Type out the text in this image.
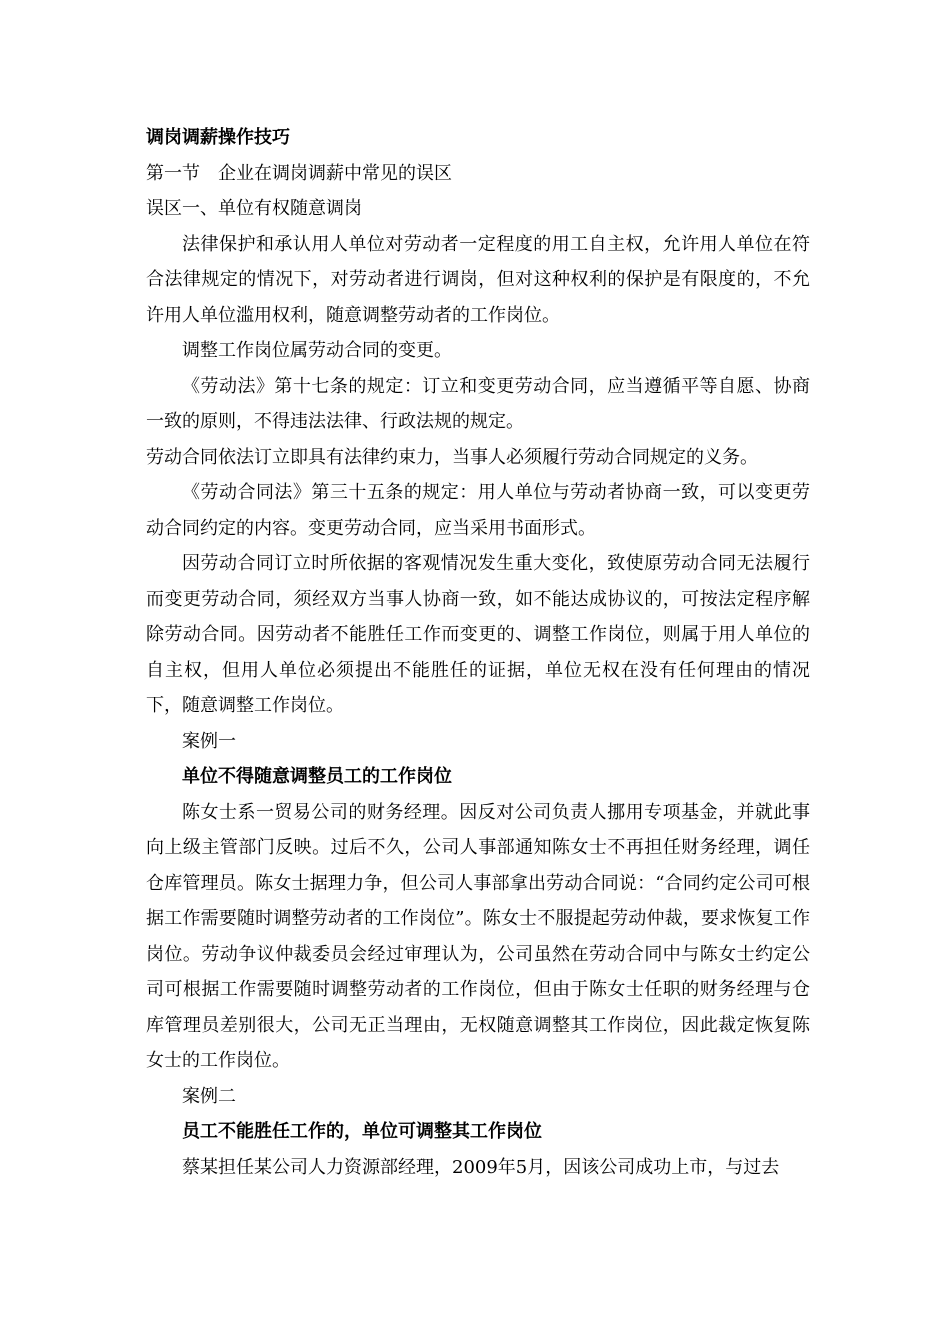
调岗调薪操作技巧

第一节　企业在调岗调薪中常见的误区

误区一、单位有权随意调岗

法律保护和承认用人单位对劳动者一定程度的用工自主权，允许用人单位在符合法律规定的情况下，对劳动者进行调岗，但对这种权利的保护是有限度的，不允许用人单位滥用权利，随意调整劳动者的工作岗位。

调整工作岗位属劳动合同的变更。

《劳动法》第十七条的规定：订立和变更劳动合同，应当遵循平等自愿、协商一致的原则，不得违法法律、行政法规的规定。

劳动合同依法订立即具有法律约束力，当事人必须履行劳动合同规定的义务。

《劳动合同法》第三十五条的规定：用人单位与劳动者协商一致，可以变更劳动合同约定的内容。变更劳动合同，应当采用书面形式。

因劳动合同订立时所依据的客观情况发生重大变化，致使原劳动合同无法履行而变更劳动合同，须经双方当事人协商一致，如不能达成协议的，可按法定程序解除劳动合同。因劳动者不能胜任工作而变更的、调整工作岗位，则属于用人单位的自主权，但用人单位必须提出不能胜任的证据，单位无权在没有任何理由的情况下，随意调整工作岗位。

案例一

单位不得随意调整员工的工作岗位

陈女士系一贸易公司的财务经理。因反对公司负责人挪用专项基金，并就此事向上级主管部门反映。过后不久，公司人事部通知陈女士不再担任财务经理，调任仓库管理员。陈女士据理力争，但公司人事部拿出劳动合同说：“合同约定公司可根据工作需要随时调整劳动者的工作岗位”。陈女士不服提起劳动仲裁，要求恢复工作岗位。劳动争议仲裁委员会经过审理认为，公司虽然在劳动合同中与陈女士约定公司可根据工作需要随时调整劳动者的工作岗位，但由于陈女士任职的财务经理与仓库管理员差别很大，公司无正当理由，无权随意调整其工作岗位，因此裁定恢复陈女士的工作岗位。

案例二

员工不能胜任工作的，单位可调整其工作岗位

蔡某担任某公司人力资源部经理，2009年5月，因该公司成功上市，与过去
